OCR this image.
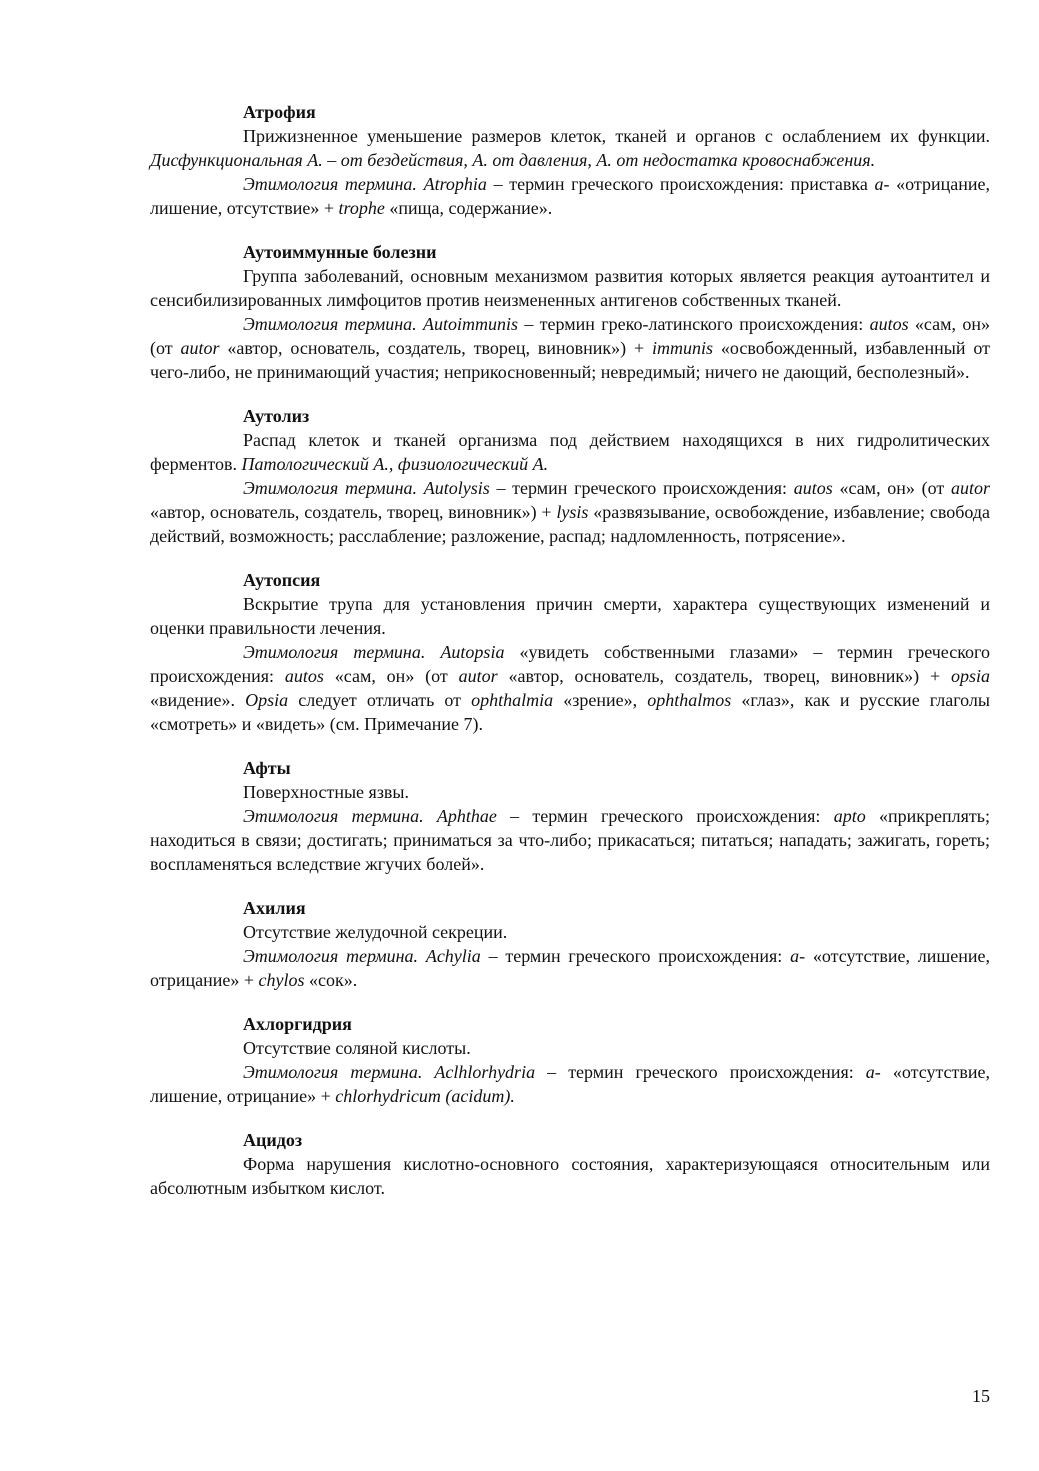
Атрофия

Прижизненное уменьшение размеров клеток, тканей и органов с ослаблением их функции. Дисфункциональная А. – от бездействия, А. от давления, А. от недостатка кровоснабжения.

Этимология термина. Atrophia – термин греческого происхождения: приставка a- «отрицание, лишение, отсутствие» + trophe «пища, содержание».

Аутоиммунные болезни

Группа заболеваний, основным механизмом развития которых является реакция аутоантител и сенсибилизированных лимфоцитов против неизмененных антигенов собственных тканей.

Этимология термина. Autoimmunis – термин греко-латинского происхождения: autos «сам, он» (от autor «автор, основатель, создатель, творец, виновник») + immunis «освобожденный, избавленный от чего-либо, не принимающий участия; неприкосновенный; невредимый; ничего не дающий, бесполезный».

Аутолиз

Распад клеток и тканей организма под действием находящихся в них гидролитических ферментов. Патологический А., физиологический А.

Этимология термина. Autolysis – термин греческого происхождения: autos «сам, он» (от autor «автор, основатель, создатель, творец, виновник») + lysis «развязывание, освобождение, избавление; свобода действий, возможность; расслабление; разложение, распад; надломленность, потрясение».

Аутопсия

Вскрытие трупа для установления причин смерти, характера существующих изменений и оценки правильности лечения.

Этимология термина. Autopsia «увидеть собственными глазами» – термин греческого происхождения: autos «сам, он» (от autor «автор, основатель, создатель, творец, виновник») + opsia «видение». Opsia следует отличать от ophthalmia «зрение», ophthalmos «глаз», как и русские глаголы «смотреть» и «видеть» (см. Примечание 7).

Афты

Поверхностные язвы.

Этимология термина. Aphthae – термин греческого происхождения: apto «прикреплять; находиться в связи; достигать; приниматься за что-либо; прикасаться; питаться; нападать; зажигать, гореть; воспламеняться вследствие жгучих болей».

Ахилия

Отсутствие желудочной секреции.

Этимология термина. Achylia – термин греческого происхождения: a- «отсутствие, лишение, отрицание» + chylos «сок».

Ахлоргидрия

Отсутствие соляной кислоты.

Этимология термина. Aclhlorhydria – термин греческого происхождения: a- «отсутствие, лишение, отрицание» + chlorhydricum (acidum).

Ацидоз

Форма нарушения кислотно-основного состояния, характеризующаяся относительным или абсолютным избытком кислот.

15
